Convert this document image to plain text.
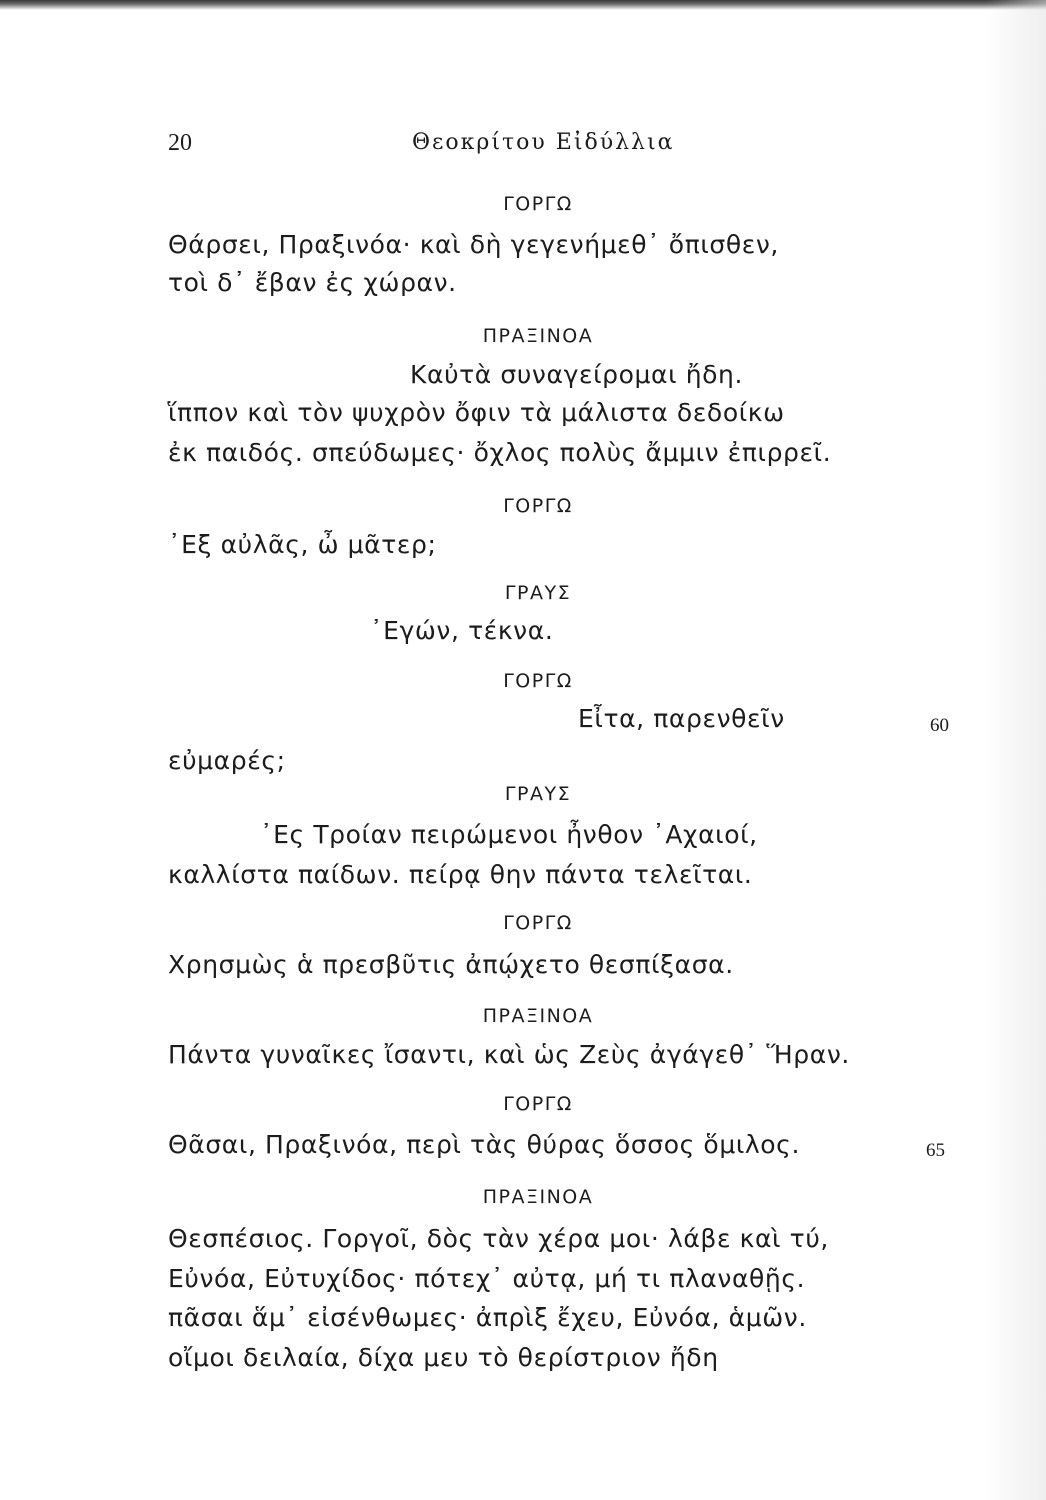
20	Θεοκρίτου Εἰδύλλια
ΓΟΡΓΩ
Θάρσει, Πραξινόα· καὶ δὴ γεγενήμεθ᾿ ὄπισθεν,
τοὶ δ᾿ ἔβαν ἐς χώραν.
ΠΡΑΞΙΝΟΑ
Καὐτὰ συναγείρομαι ἤδη.
ἵππον καὶ τὸν ψυχρὸν ὄφιν τὰ μάλιστα δεδοίκω
ἐκ παιδός. σπεύδωμες· ὄχλος πολὺς ἄμμιν ἐπιρρεῖ.
ΓΟΡΓΩ
᾿Εξ αὐλᾶς, ὦ μᾶτερ;
ΓΡΑΥΣ
᾿Εγών, τέκνα.
ΓΟΡΓΩ
Εἶτα, παρενθεῖν	60
εὐμαρές;
ΓΡΑΥΣ
᾿Ες Τροίαν πειρώμενοι ἦνθον ᾿Αχαιοί,
καλλίστα παίδων. πείρᾳ θην πάντα τελεῖται.
ΓΟΡΓΩ
Χρησμὼς ἁ πρεσβῦτις ἀπῴχετο θεσπίξασα.
ΠΡΑΞΙΝΟΑ
Πάντα γυναῖκες ἴσαντι, καὶ ὡς Ζεὺς ἀγάγεθ᾿ Ἥραν.
ΓΟΡΓΩ
Θᾶσαι, Πραξινόα, περὶ τὰς θύρας ὅσσος ὅμιλος.	65
ΠΡΑΞΙΝΟΑ
Θεσπέσιος. Γοργοῖ, δὸς τὰν χέρα μοι· λάβε καὶ τύ,
Εὐνόα, Εὐτυχίδος· πότεχ᾿ αὐτᾳ, μή τι πλαναθῇς.
πᾶσαι ἅμ᾿ εἰσένθωμες· ἀπρὶξ ἔχευ, Εὐνόα, ἁμῶν.
οἴμοι δειλαία, δίχα μευ τὸ θερίστριον ἤδη
